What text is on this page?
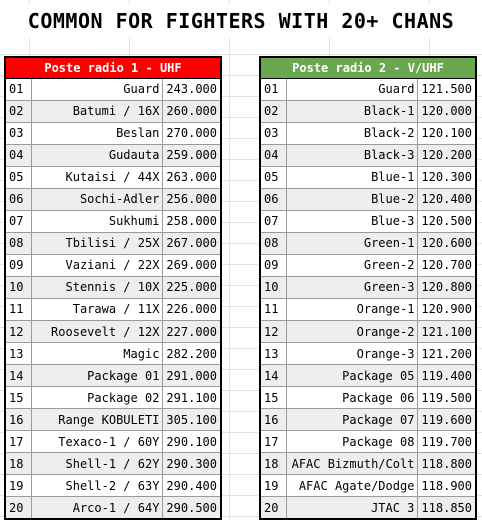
COMMON FOR FIGHTERS WITH 20+ CHANS
Poste radio 1 - UHF		
01	Guard	243.000
02	Batumi / 16X	260.000
03	Beslan	270.000
04	Gudauta	259.000
05	Kutaisi / 44X	263.000
06	Sochi-Adler	256.000
07	Sukhumi	258.000
08	Tbilisi / 25X	267.000
09	Vaziani / 22X	269.000
10	Stennis / 10X	225.000
11	Tarawa / 11X	226.000
12	Roosevelt / 12X	227.000
13	Magic	282.200
14	Package 01	291.000
15	Package 02	291.100
16	Range KOBULETI	305.100
17	Texaco-1 / 60Y	290.100
18	Shell-1 / 62Y	290.300
19	Shell-2 / 63Y	290.400
20	Arco-1 / 64Y	290.500
Poste radio 2 - V/UHF		
01	Guard	121.500
02	Black-1	120.000
03	Black-2	120.100
04	Black-3	120.200
05	Blue-1	120.300
06	Blue-2	120.400
07	Blue-3	120.500
08	Green-1	120.600
09	Green-2	120.700
10	Green-3	120.800
11	Orange-1	120.900
12	Orange-2	121.100
13	Orange-3	121.200
14	Package 05	119.400
15	Package 06	119.500
16	Package 07	119.600
17	Package 08	119.700
18	AFAC Bizmuth/Colt	118.800
19	AFAC Agate/Dodge	118.900
20	JTAC 3	118.850
